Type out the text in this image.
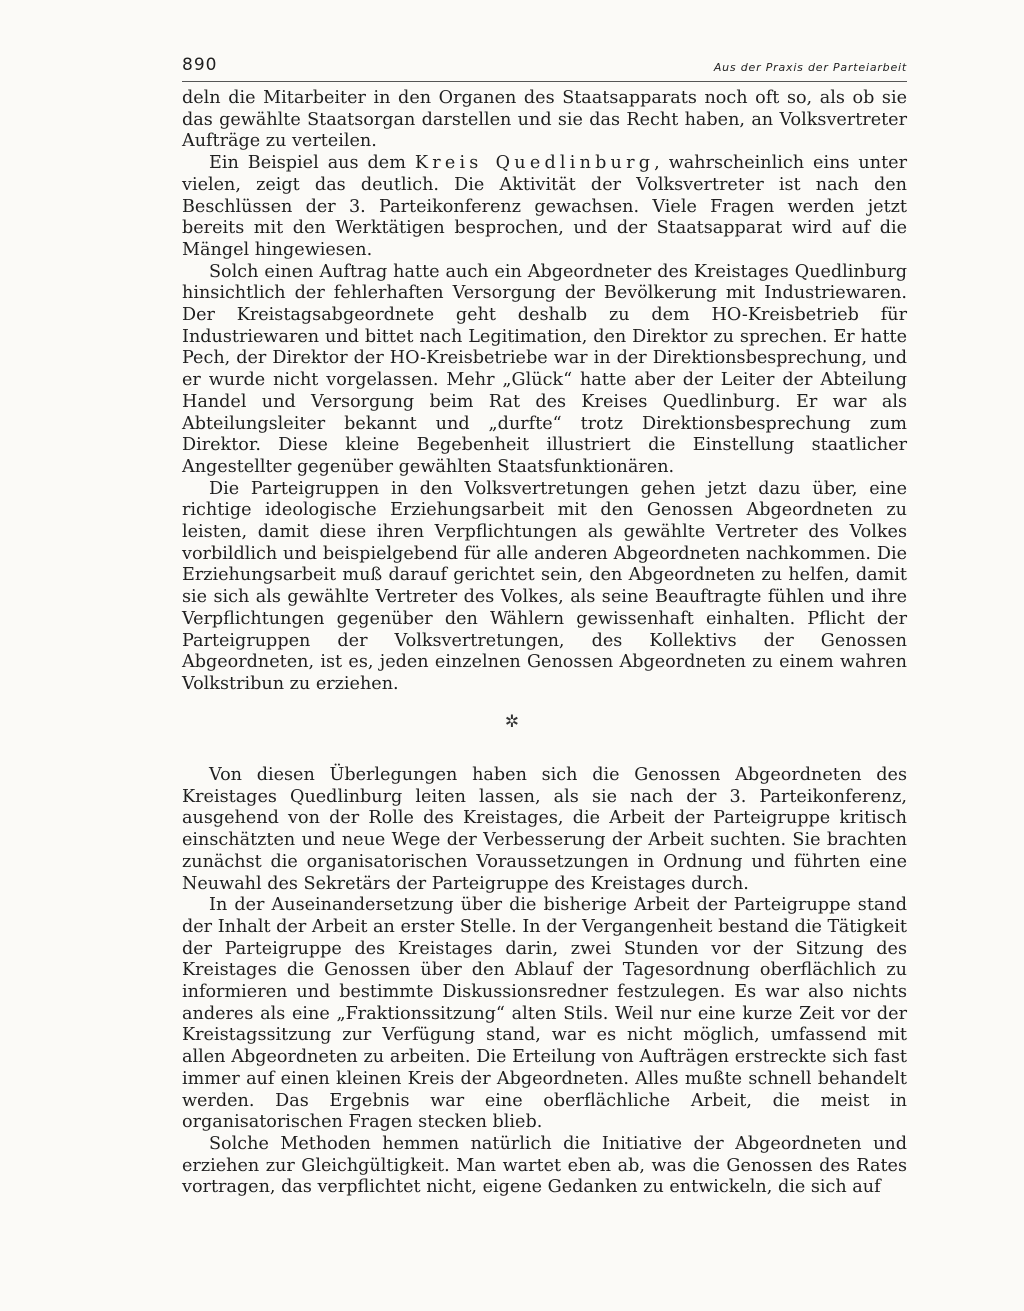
890	Aus der Praxis der Parteiarbeit

deln die Mitarbeiter in den Organen des Staatsapparats noch oft so, als ob sie das gewählte Staatsorgan darstellen und sie das Recht haben, an Volksvertreter Aufträge zu verteilen.

Ein Beispiel aus dem Kreis Quedlinburg, wahrscheinlich eins unter vielen, zeigt das deutlich. Die Aktivität der Volksvertreter ist nach den Beschlüssen der 3. Parteikonferenz gewachsen. Viele Fragen werden jetzt bereits mit den Werktätigen besprochen, und der Staatsapparat wird auf die Mängel hingewiesen.

Solch einen Auftrag hatte auch ein Abgeordneter des Kreistages Quedlinburg hinsichtlich der fehlerhaften Versorgung der Bevölkerung mit Industriewaren. Der Kreistagsabgeordnete geht deshalb zu dem HO-Kreisbetrieb für Industriewaren und bittet nach Legitimation, den Direktor zu sprechen. Er hatte Pech, der Direktor der HO-Kreisbetriebe war in der Direktionsbesprechung, und er wurde nicht vorgelassen. Mehr „Glück“ hatte aber der Leiter der Abteilung Handel und Versorgung beim Rat des Kreises Quedlinburg. Er war als Abteilungsleiter bekannt und „durfte“ trotz Direktionsbesprechung zum Direktor. Diese kleine Begebenheit illustriert die Einstellung staatlicher Angestellter gegenüber gewählten Staatsfunktionären.

Die Parteigruppen in den Volksvertretungen gehen jetzt dazu über, eine richtige ideologische Erziehungsarbeit mit den Genossen Abgeordneten zu leisten, damit diese ihren Verpflichtungen als gewählte Vertreter des Volkes vorbildlich und beispielgebend für alle anderen Abgeordneten nachkommen. Die Erziehungsarbeit muß darauf gerichtet sein, den Abgeordneten zu helfen, damit sie sich als gewählte Vertreter des Volkes, als seine Beauftragte fühlen und ihre Verpflichtungen gegenüber den Wählern gewissenhaft einhalten. Pflicht der Parteigruppen der Volksvertretungen, des Kollektivs der Genossen Abgeordneten, ist es, jeden einzelnen Genossen Abgeordneten zu einem wahren Volkstribun zu erziehen.

✲

Von diesen Überlegungen haben sich die Genossen Abgeordneten des Kreistages Quedlinburg leiten lassen, als sie nach der 3. Parteikonferenz, ausgehend von der Rolle des Kreistages, die Arbeit der Parteigruppe kritisch einschätzten und neue Wege der Verbesserung der Arbeit suchten. Sie brachten zunächst die organisatorischen Voraussetzungen in Ordnung und führten eine Neuwahl des Sekretärs der Parteigruppe des Kreistages durch.

In der Auseinandersetzung über die bisherige Arbeit der Parteigruppe stand der Inhalt der Arbeit an erster Stelle. In der Vergangenheit bestand die Tätigkeit der Parteigruppe des Kreistages darin, zwei Stunden vor der Sitzung des Kreistages die Genossen über den Ablauf der Tagesordnung oberflächlich zu informieren und bestimmte Diskussionsredner festzulegen. Es war also nichts anderes als eine „Fraktionssitzung“ alten Stils. Weil nur eine kurze Zeit vor der Kreistagssitzung zur Verfügung stand, war es nicht möglich, umfassend mit allen Abgeordneten zu arbeiten. Die Erteilung von Aufträgen erstreckte sich fast immer auf einen kleinen Kreis der Abgeordneten. Alles mußte schnell behandelt werden. Das Ergebnis war eine oberflächliche Arbeit, die meist in organisatorischen Fragen stecken blieb.

Solche Methoden hemmen natürlich die Initiative der Abgeordneten und erziehen zur Gleichgültigkeit. Man wartet eben ab, was die Genossen des Rates vortragen, das verpflichtet nicht, eigene Gedanken zu entwickeln, die sich auf
